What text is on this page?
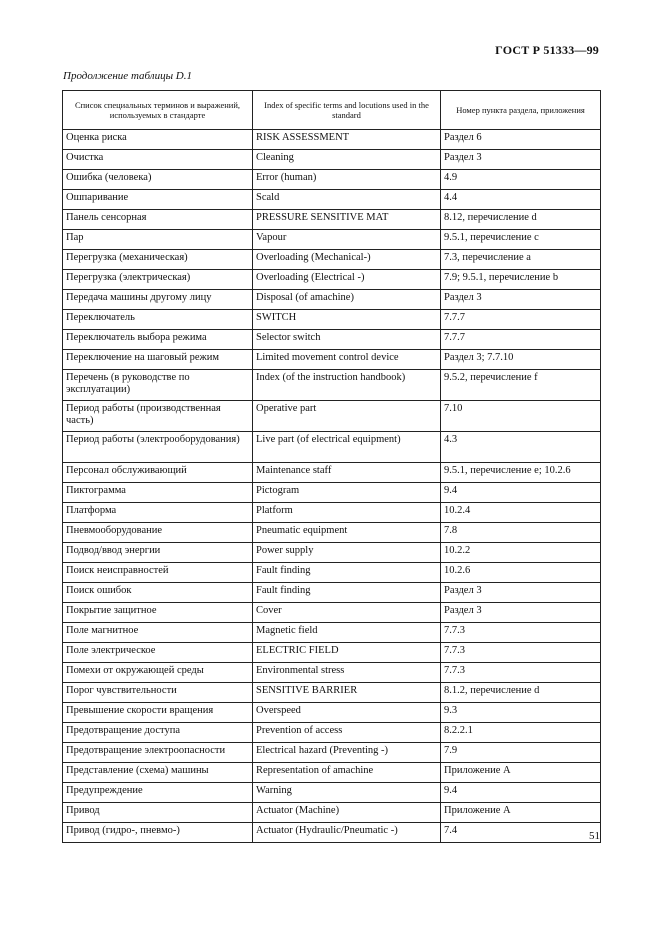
ГОСТ Р 51333—99
Продолжение таблицы D.1
Список специальных терминов и выражений, используемых в стандарте	Index of specific terms and locutions used in the standard	Номер пункта раздела, приложения
Оценка риска	RISK ASSESSMENT	Раздел 6
Очистка	Cleaning	Раздел 3
Ошибка (человека)	Error (human)	4.9
Ошпаривание	Scald	4.4
Панель сенсорная	PRESSURE SENSITIVE MAT	8.12, перечисление d
Пар	Vapour	9.5.1, перечисление c
Перегрузка (механическая)	Overloading (Mechanical-)	7.3, перечисление a
Перегрузка (электрическая)	Overloading (Electrical -)	7.9; 9.5.1, перечисление b
Передача машины другому лицу	Disposal (of amachine)	Раздел 3
Переключатель	SWITCH	7.7.7
Переключатель выбора режима	Selector switch	7.7.7
Переключение на шаговый режим	Limited movement control device	Раздел 3; 7.7.10
Перечень (в руководстве по эксплуатации)	Index (of the instruction handbook)	9.5.2, перечисление f
Период работы (производственная часть)	Operative part	7.10
Период работы (электрооборудования)	Live part (of electrical equipment)	4.3
Персонал обслуживающий	Maintenance staff	9.5.1, перечисление e; 10.2.6
Пиктограмма	Pictogram	9.4
Платформа	Platform	10.2.4
Пневмооборудование	Pneumatic equipment	7.8
Подвод/ввод энергии	Power supply	10.2.2
Поиск неисправностей	Fault finding	10.2.6
Поиск ошибок	Fault finding	Раздел 3
Покрытие защитное	Cover	Раздел 3
Поле магнитное	Magnetic field	7.7.3
Поле электрическое	ELECTRIC FIELD	7.7.3
Помехи от окружающей среды	Environmental stress	7.7.3
Порог чувствительности	SENSITIVE BARRIER	8.1.2, перечисление d
Превышение скорости вращения	Overspeed	9.3
Предотвращение доступа	Prevention of access	8.2.2.1
Предотвращение электроопасности	Electrical hazard (Preventing -)	7.9
Представление (схема) машины	Representation of amachine	Приложение A
Предупреждение	Warning	9.4
Привод	Actuator (Machine)	Приложение A
Привод (гидро-, пневмо-)	Actuator (Hydraulic/Pneumatic -)	7.4	51
